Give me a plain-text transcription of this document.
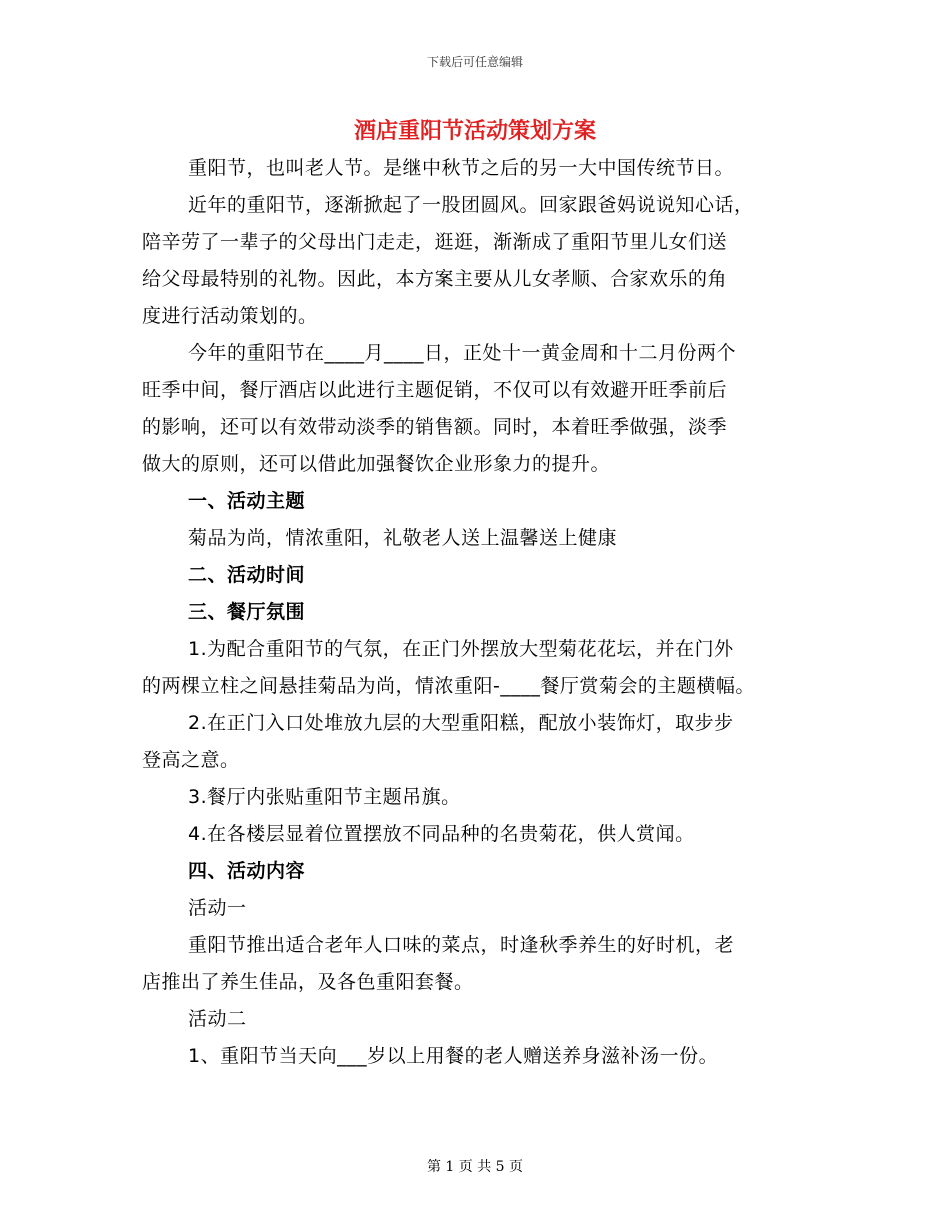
下载后可任意编辑
酒店重阳节活动策划方案

重阳节，也叫老人节。是继中秋节之后的另一大中国传统节日。

近年的重阳节，逐渐掀起了一股团圆风。回家跟爸妈说说知心话，

陪辛劳了一辈子的父母出门走走，逛逛，渐渐成了重阳节里儿女们送

给父母最特别的礼物。因此，本方案主要从儿女孝顺、合家欢乐的角

度进行活动策划的。

今年的重阳节在____月____日，正处十一黄金周和十二月份两个

旺季中间，餐厅酒店以此进行主题促销，不仅可以有效避开旺季前后

的影响，还可以有效带动淡季的销售额。同时，本着旺季做强，淡季

做大的原则，还可以借此加强餐饮企业形象力的提升。

一、活动主题

菊品为尚，情浓重阳，礼敬老人送上温馨送上健康

二、活动时间

三、餐厅氛围

1.为配合重阳节的气氛，在正门外摆放大型菊花花坛，并在门外

的两棵立柱之间悬挂菊品为尚，情浓重阳-____餐厅赏菊会的主题横幅。

2.在正门入口处堆放九层的大型重阳糕，配放小装饰灯，取步步

登高之意。

3.餐厅内张贴重阳节主题吊旗。

4.在各楼层显着位置摆放不同品种的名贵菊花，供人赏闻。

四、活动内容

活动一

重阳节推出适合老年人口味的菜点，时逢秋季养生的好时机，老

店推出了养生佳品，及各色重阳套餐。

活动二

1、重阳节当天向___岁以上用餐的老人赠送养身滋补汤一份。

第 1 页 共 5 页
